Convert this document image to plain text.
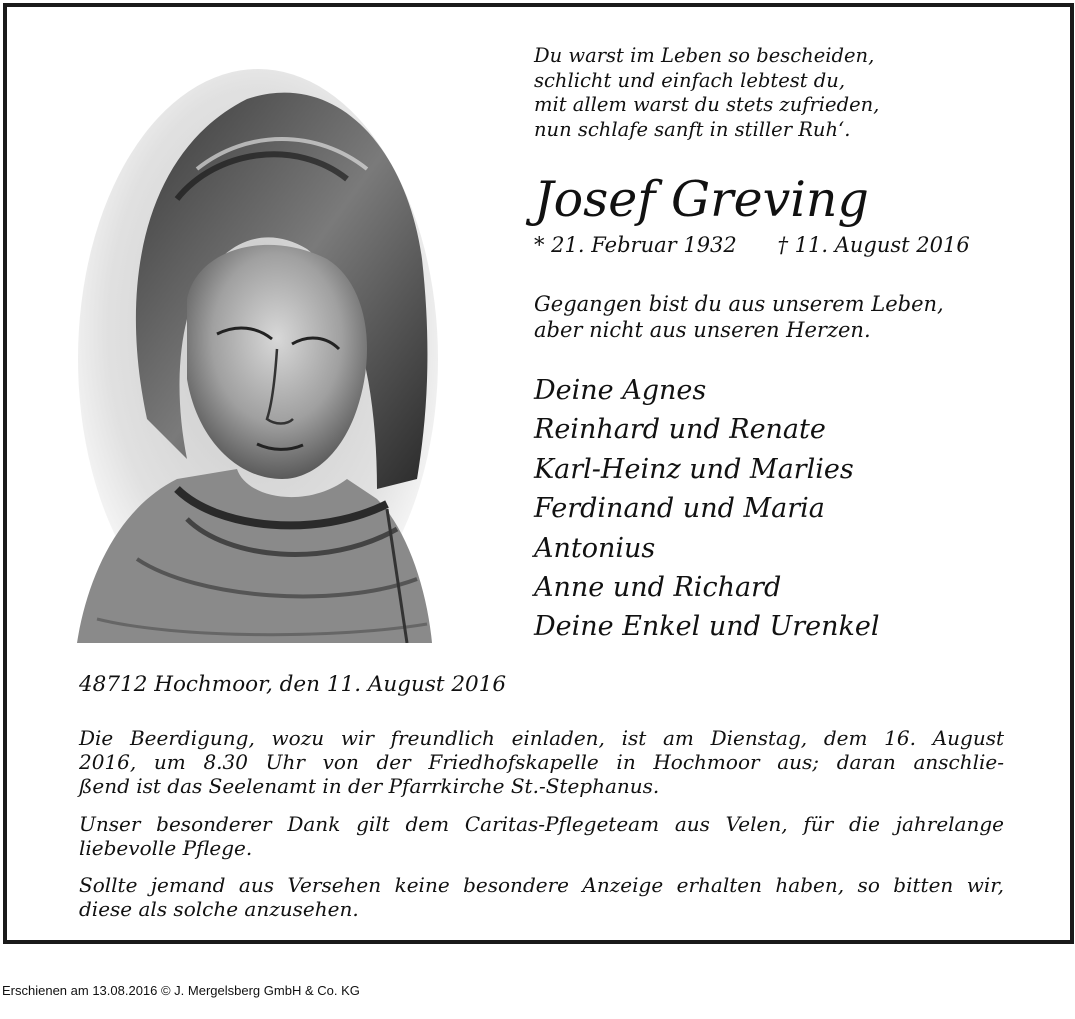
Du warst im Leben so bescheiden,
schlicht und einfach lebtest du,
mit allem warst du stets zufrieden,
nun schlafe sanft in stiller Ruh‘.
Josef Greving
* 21. Februar 1932 † 11. August 2016
Gegangen bist du aus unserem Leben,
aber nicht aus unseren Herzen.
Deine Agnes
Reinhard und Renate
Karl-Heinz und Marlies
Ferdinand und Maria
Antonius
Anne und Richard
Deine Enkel und Urenkel
48712 Hochmoor, den 11. August 2016
Die Beerdigung, wozu wir freundlich einladen, ist am Dienstag, dem 16. August
2016, um 8.30 Uhr von der Friedhofskapelle in Hochmoor aus; daran anschlie-
ßend ist das Seelenamt in der Pfarrkirche St.-Stephanus.
Unser besonderer Dank gilt dem Caritas-Pflegeteam aus Velen, für die jahrelange
liebevolle Pflege.
Sollte jemand aus Versehen keine besondere Anzeige erhalten haben, so bitten wir,
diese als solche anzusehen.
Erschienen am 13.08.2016 © J. Mergelsberg GmbH & Co. KG
